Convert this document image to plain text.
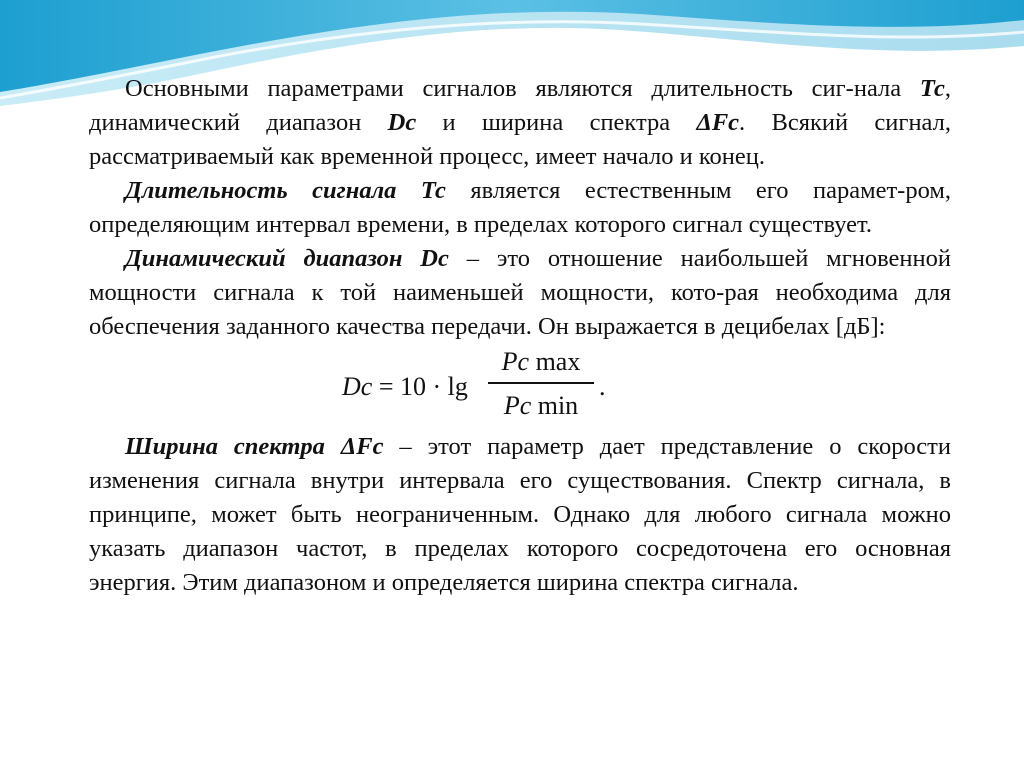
Основными параметрами сигналов являются длительность сиг-нала Тс, динамический диапазон Dc и ширина спектра ΔFс. Всякий сигнал, рассматриваемый как временной процесс, имеет начало и конец.

Длительность сигнала Тс является естественным его парамет-ром, определяющим интервал времени, в пределах которого сигнал существует.

Динамический диапазон Dc – это отношение наибольшей мгновенной мощности сигнала к той наименьшей мощности, кото-рая необходима для обеспечения заданного качества передачи. Он выражается в децибелах [дБ]:

Dc = 10 · lg
Pc max
Pc min
.

Ширина спектра ΔFc – этот параметр дает представление о скорости изменения сигнала внутри интервала его существования. Спектр сигнала, в принципе, может быть неограниченным. Однако для любого сигнала можно указать диапазон частот, в пределах которого сосредоточена его основная энергия. Этим диапазоном и определяется ширина спектра сигнала.
